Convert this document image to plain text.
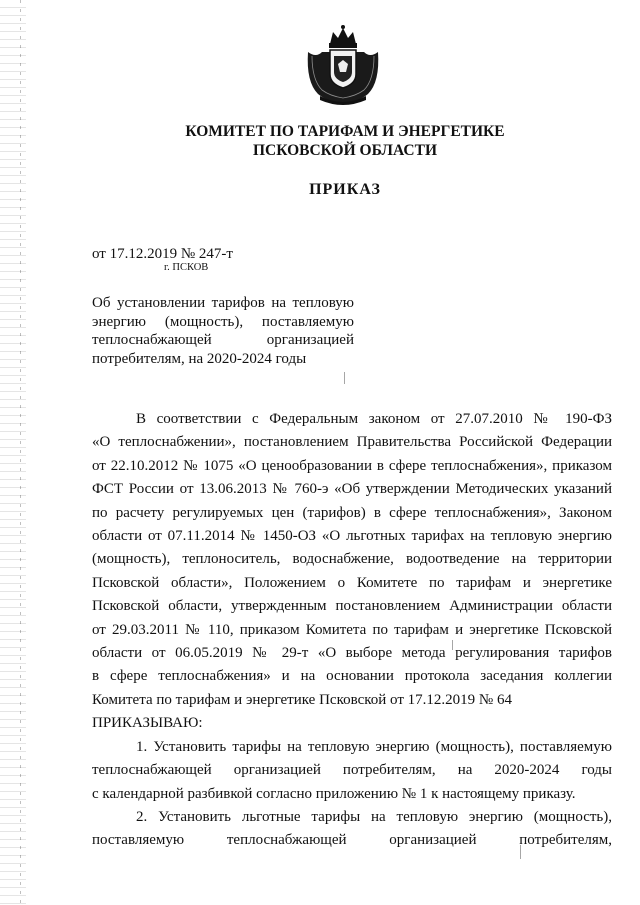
КОМИТЕТ ПО ТАРИФАМ И ЭНЕРГЕТИКЕ
ПСКОВСКОЙ ОБЛАСТИ
ПРИКАЗ
от 17.12.2019 № 247-т
г. ПСКОВ
Об установлении тарифов на тепловую
энергию (мощность), поставляемую
теплоснабжающей организацией
потребителям, на 2020-2024 годы
В соответствии с Федеральным законом от 27.07.2010 № 190-ФЗ
«О теплоснабжении», постановлением Правительства Российской Федерации
от 22.10.2012 № 1075 «О ценообразовании в сфере теплоснабжения», приказом
ФСТ России от 13.06.2013 № 760-э «Об утверждении Методических указаний
по расчету регулируемых цен (тарифов) в сфере теплоснабжения», Законом
области от 07.11.2014 № 1450-ОЗ «О льготных тарифах на тепловую энергию
(мощность), теплоноситель, водоснабжение, водоотведение на территории
Псковской области», Положением о Комитете по тарифам и энергетике
Псковской области, утвержденным постановлением Администрации области
от 29.03.2011 № 110, приказом Комитета по тарифам и энергетике Псковской
области от 06.05.2019 № 29-т «О выборе метода регулирования тарифов
в сфере теплоснабжения» и на основании протокола заседания коллегии
Комитета по тарифам и энергетике Псковской от 17.12.2019 № 64
ПРИКАЗЫВАЮ:
1. Установить тарифы на тепловую энергию (мощность), поставляемую
теплоснабжающей организацией потребителям, на 2020-2024 годы
с календарной разбивкой согласно приложению № 1 к настоящему приказу.
2. Установить льготные тарифы на тепловую энергию (мощность),
поставляемую теплоснабжающей организацией потребителям,
